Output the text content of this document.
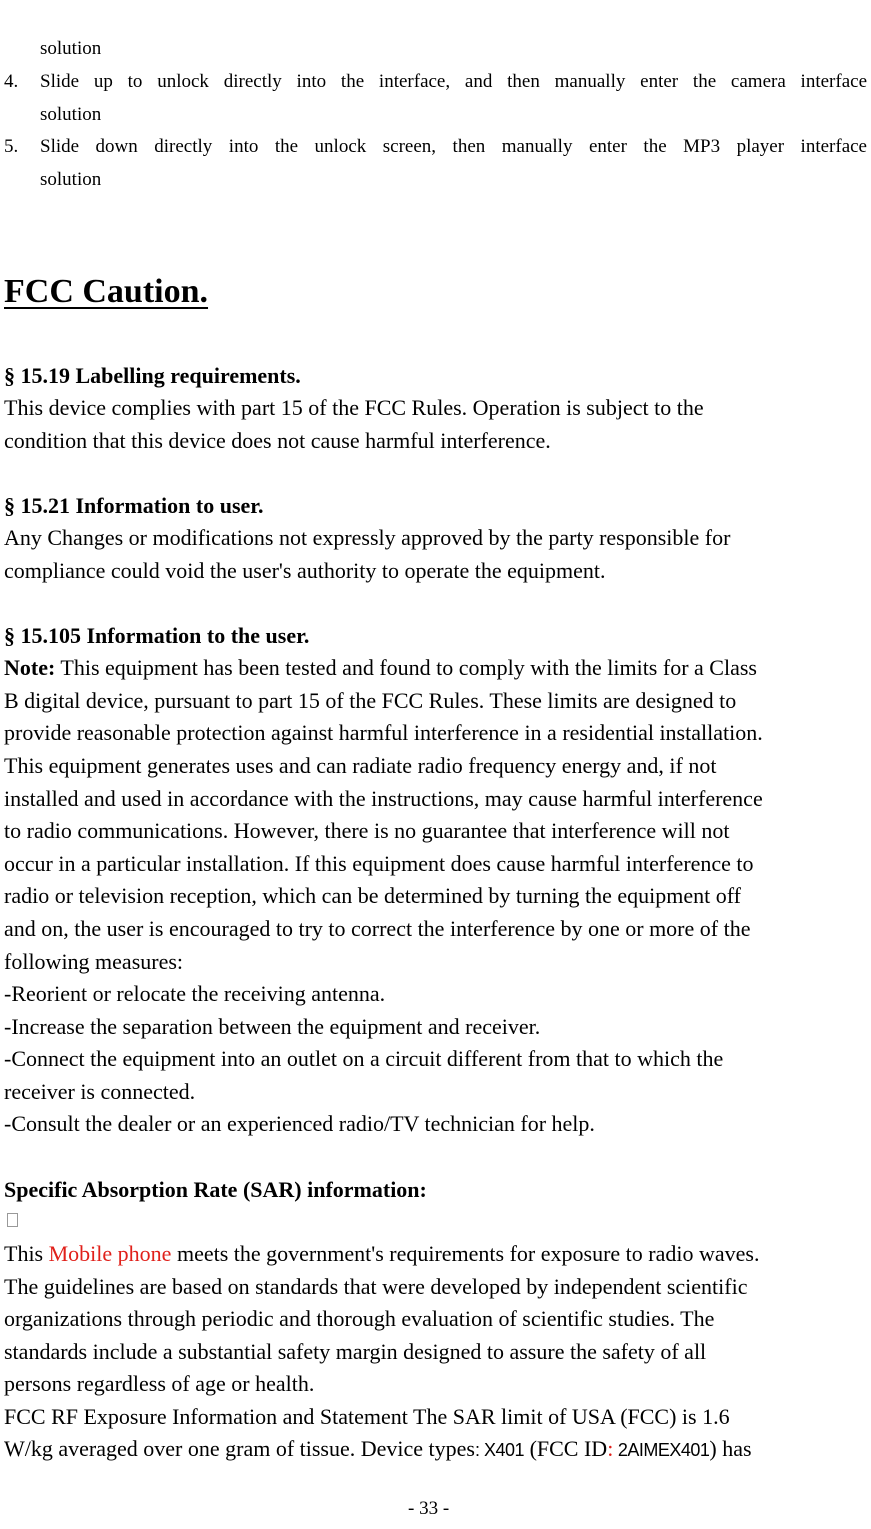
solution
4. Slide up to unlock directly into the interface, and then manually enter the camera interface
solution
5. Slide down directly into the unlock screen, then manually enter the MP3 player interface
solution
FCC Caution.
§ 15.19 Labelling requirements.
This device complies with part 15 of the FCC Rules. Operation is subject to the
condition that this device does not cause harmful interference.
§ 15.21 Information to user.
Any Changes or modifications not expressly approved by the party responsible for
compliance could void the user's authority to operate the equipment.
§ 15.105 Information to the user.
Note: This equipment has been tested and found to comply with the limits for a Class
B digital device, pursuant to part 15 of the FCC Rules. These limits are designed to
provide reasonable protection against harmful interference in a residential installation.
This equipment generates uses and can radiate radio frequency energy and, if not
installed and used in accordance with the instructions, may cause harmful interference
to radio communications. However, there is no guarantee that interference will not
occur in a particular installation. If this equipment does cause harmful interference to
radio or television reception, which can be determined by turning the equipment off
and on, the user is encouraged to try to correct the interference by one or more of the
following measures:
-Reorient or relocate the receiving antenna.
-Increase the separation between the equipment and receiver.
-Connect the equipment into an outlet on a circuit different from that to which the
receiver is connected.
-Consult the dealer or an experienced radio/TV technician for help.
Specific Absorption Rate (SAR) information:
This Mobile phone meets the government's requirements for exposure to radio waves.
The guidelines are based on standards that were developed by independent scientific
organizations through periodic and thorough evaluation of scientific studies. The
standards include a substantial safety margin designed to assure the safety of all
persons regardless of age or health.
FCC RF Exposure Information and Statement The SAR limit of USA (FCC) is 1.6
W/kg averaged over one gram of tissue. Device types: X401 (FCC ID: 2AIMEX401) has
- 33 -
